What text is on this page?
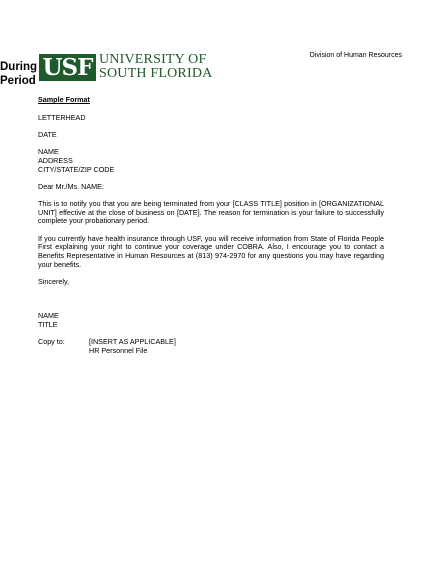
During
Period
USF UNIVERSITY OF
SOUTH FLORIDA
Division of Human Resources
Sample Format
LETTERHEAD
DATE
NAME
ADDRESS
CITY/STATE/ZIP CODE
Dear Mr./Ms. NAME:
This is to notify you that you are being terminated from your [CLASS TITLE] position in [ORGANIZATIONAL UNIT] effective at the close of business on [DATE]. The reason for termination is your failure to successfully complete your probationary period.
If you currently have health insurance through USF, you will receive information from State of Florida People First explaining your right to continue your coverage under COBRA. Also, I encourage you to contact a Benefits Representative in Human Resources at (813) 974-2970 for any questions you may have regarding your benefits.
Sincerely,
NAME
TITLE
Copy to:	[INSERT AS APPLICABLE]
HR Personnel File
